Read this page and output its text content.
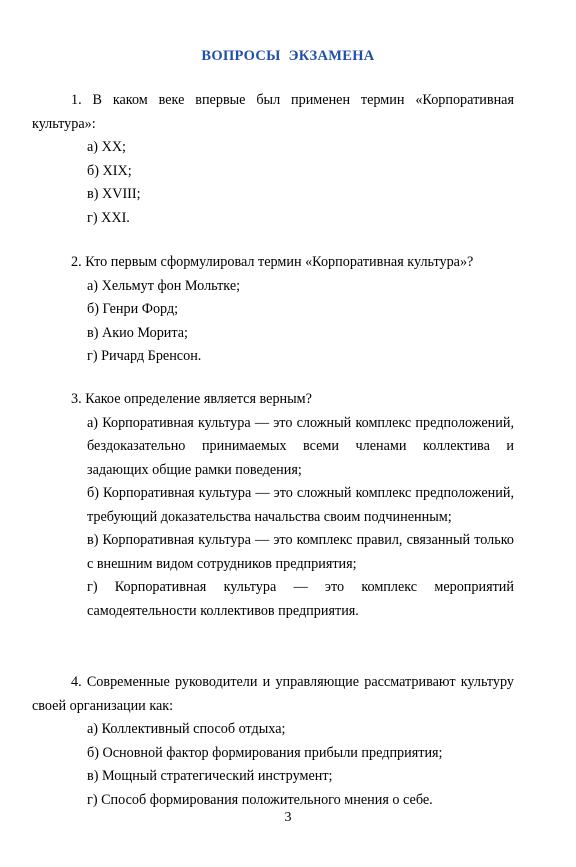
ВОПРОСЫ ЭКЗАМЕНА

1. В каком веке впервые был применен термин «Корпоративная культура»:

а) XX;

б) XIX;

в) XVIII;

г) XXI.

2. Кто первым сформулировал термин «Корпоративная культура»?

а) Хельмут фон Мольтке;

б) Генри Форд;

в) Акио Морита;

г) Ричард Бренсон.

3. Какое определение является верным?

а) Корпоративная культура — это сложный комплекс предположений, бездоказательно принимаемых всеми членами коллектива и задающих общие рамки поведения;

б) Корпоративная культура — это сложный комплекс предположений, требующий доказательства начальства своим подчиненным;

в) Корпоративная культура — это комплекс правил, связанный только с внешним видом сотрудников предприятия;

г) Корпоративная культура — это комплекс мероприятий самодеятельности коллективов предприятия.

4. Современные руководители и управляющие рассматривают культуру своей организации как:

а) Коллективный способ отдыха;

б) Основной фактор формирования прибыли предприятия;

в) Мощный стратегический инструмент;

г) Способ формирования положительного мнения о себе.

3
